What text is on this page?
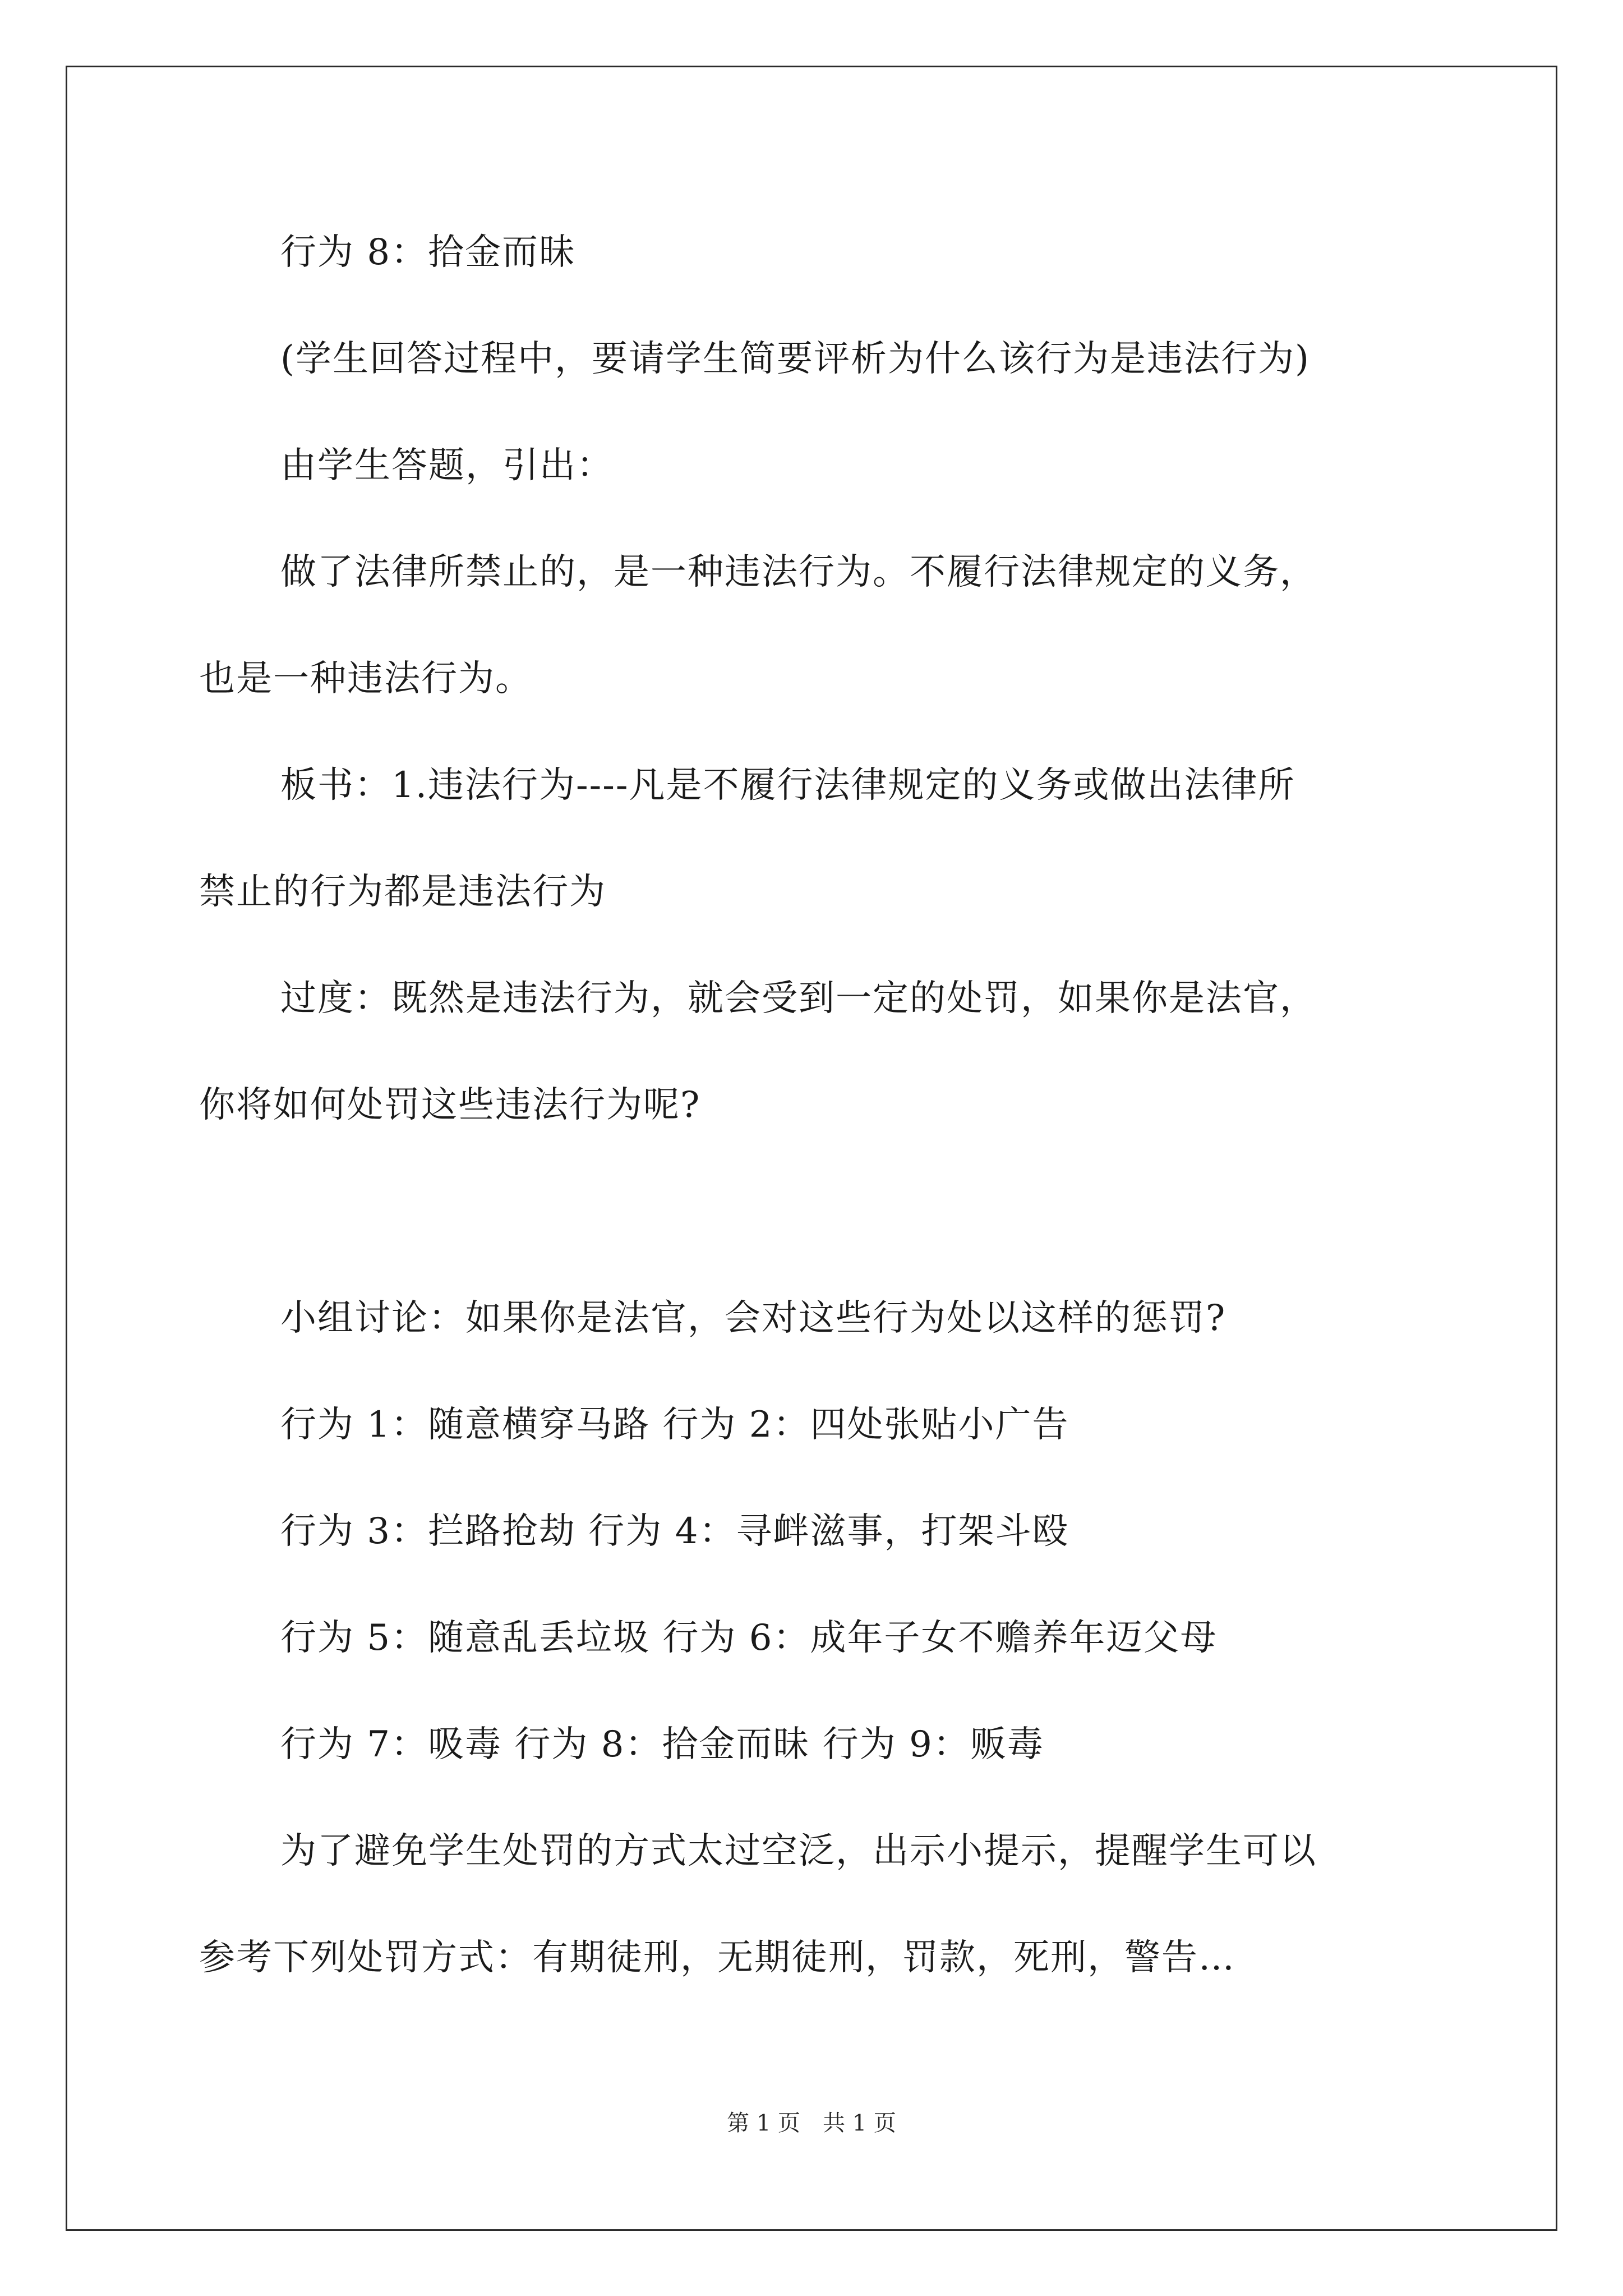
行为 8：拾金而昧
(学生回答过程中，要请学生简要评析为什么该行为是违法行为)
由学生答题，引出：
做了法律所禁止的，是一种违法行为。不履行法律规定的义务，
也是一种违法行为。
板书：1.违法行为----凡是不履行法律规定的义务或做出法律所
禁止的行为都是违法行为
过度：既然是违法行为，就会受到一定的处罚，如果你是法官，
你将如何处罚这些违法行为呢?
小组讨论：如果你是法官，会对这些行为处以这样的惩罚?
行为 1：随意横穿马路 行为 2：四处张贴小广告
行为 3：拦路抢劫 行为 4：寻衅滋事，打架斗殴
行为 5：随意乱丢垃圾 行为 6：成年子女不赡养年迈父母
行为 7：吸毒 行为 8：拾金而昧 行为 9：贩毒
为了避免学生处罚的方式太过空泛，出示小提示，提醒学生可以
参考下列处罚方式：有期徒刑，无期徒刑，罚款，死刑，警告…
第 1 页　共 1 页
